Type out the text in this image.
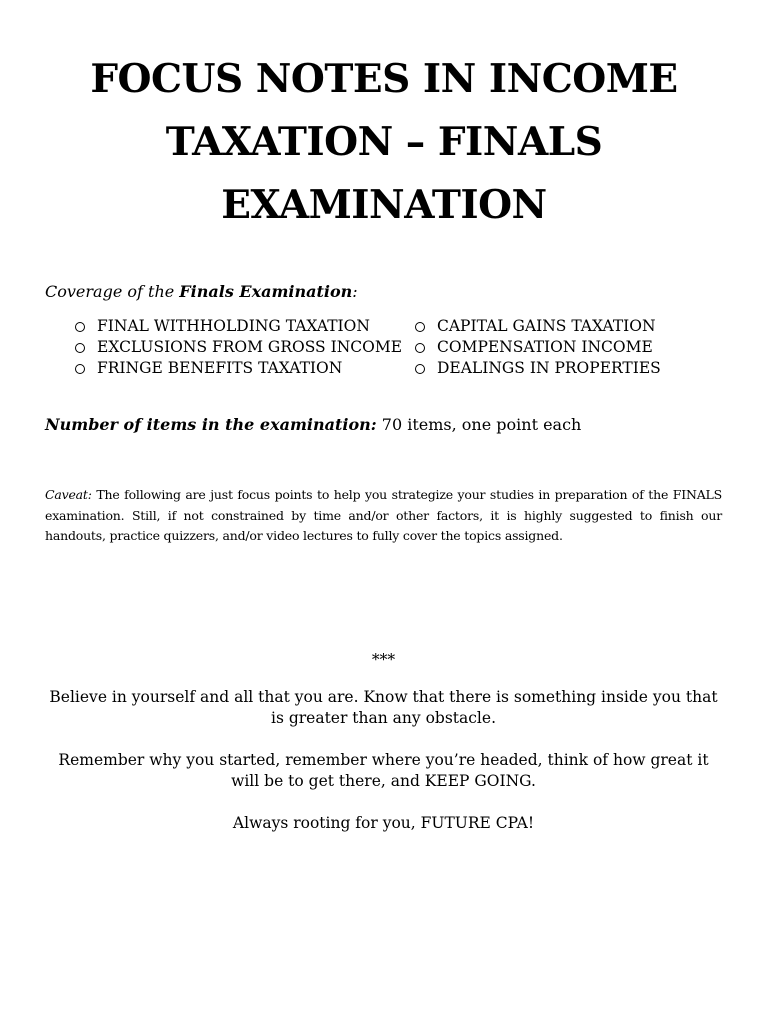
FOCUS NOTES IN INCOME TAXATION – FINALS EXAMINATION

Coverage of the Finals Examination:

FINAL WITHHOLDING TAXATION	CAPITAL GAINS TAXATION
EXCLUSIONS FROM GROSS INCOME COMPENSATION INCOME
FRINGE BENEFITS TAXATION	DEALINGS IN PROPERTIES

Number of items in the examination: 70 items, one point each

Caveat: The following are just focus points to help you strategize your studies in preparation of the FINALS examination. Still, if not constrained by time and/or other factors, it is highly suggested to finish our handouts, practice quizzers, and/or video lectures to fully cover the topics assigned.

***

Believe in yourself and all that you are. Know that there is something inside you that is greater than any obstacle.

Remember why you started, remember where you’re headed, think of how great it will be to get there, and KEEP GOING.

Always rooting for you, FUTURE CPA!
